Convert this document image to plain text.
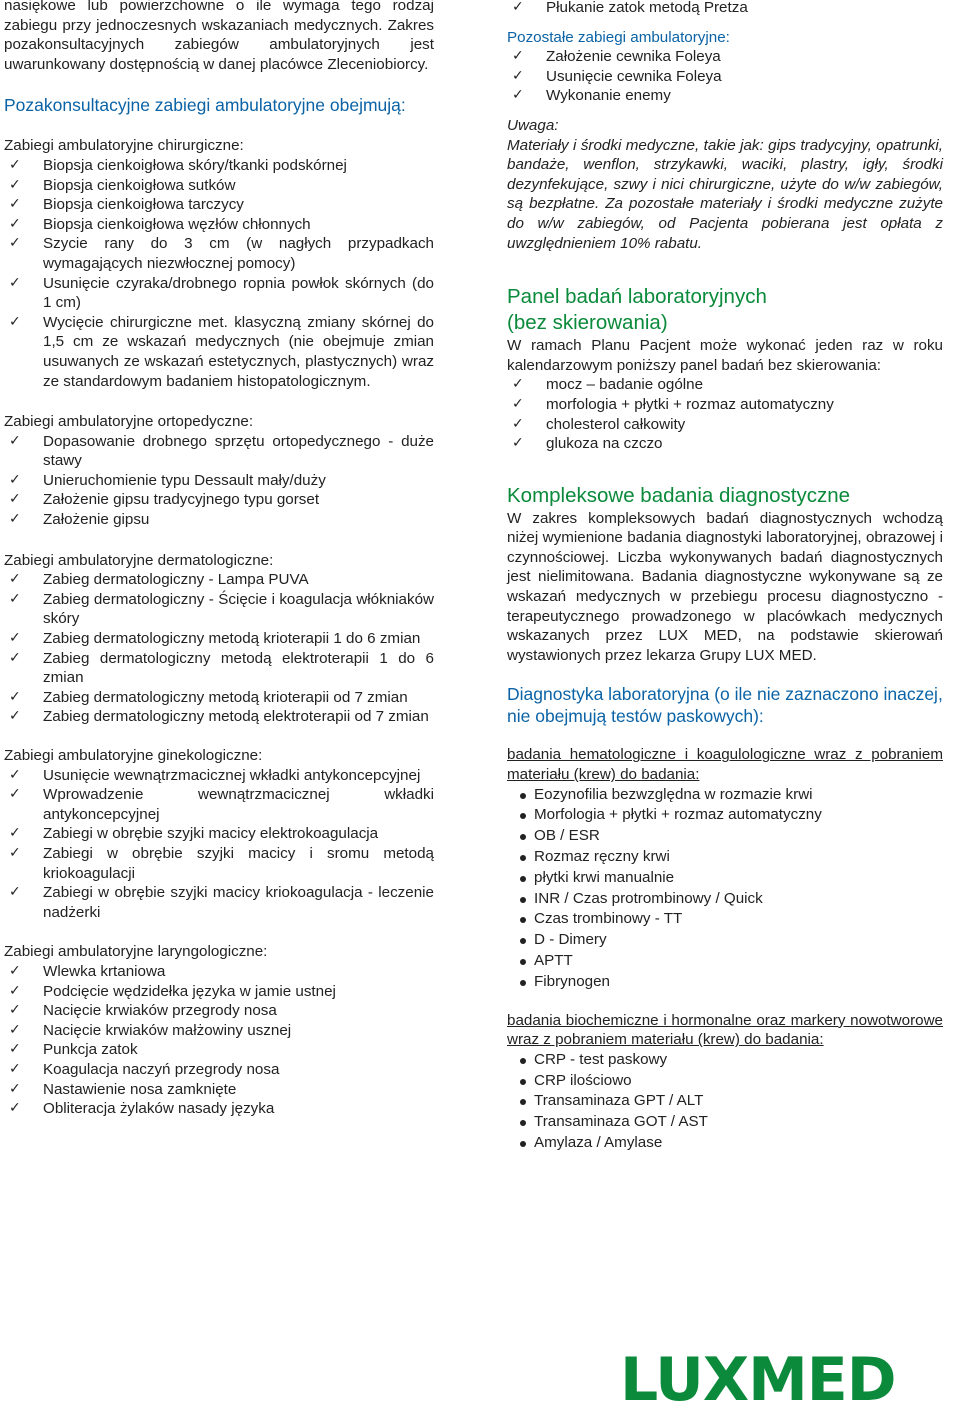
nasiękowe lub powierzchowne o ile wymaga tego rodzaj zabiegu przy jednoczesnych wskazaniach medycznych. Zakres pozakonsultacyjnych zabiegów ambulatoryjnych jest uwarunkowany dostępnością w danej placówce Zleceniobiorcy.

Pozakonsultacyjne zabiegi ambulatoryjne obejmują:

Zabiegi ambulatoryjne chirurgiczne:

✓ Biopsja cienkoigłowa skóry/tkanki podskórnej
✓ Biopsja cienkoigłowa sutków
✓ Biopsja cienkoigłowa tarczycy
✓ Biopsja cienkoigłowa węzłów chłonnych
✓ Szycie rany do 3 cm (w nagłych przypadkach wymagających niezwłocznej pomocy)
✓ Usunięcie czyraka/drobnego ropnia powłok skórnych (do 1 cm)
✓ Wycięcie chirurgiczne met. klasyczną zmiany skórnej do 1,5 cm ze wskazań medycznych (nie obejmuje zmian usuwanych ze wskazań estetycznych, plastycznych) wraz ze standardowym badaniem histopatologicznym.

Zabiegi ambulatoryjne ortopedyczne:

✓ Dopasowanie drobnego sprzętu ortopedycznego - duże stawy
✓ Unieruchomienie typu Dessault mały/duży
✓ Założenie gipsu tradycyjnego typu gorset
✓ Założenie gipsu

Zabiegi ambulatoryjne dermatologiczne:

✓ Zabieg dermatologiczny - Lampa PUVA
✓ Zabieg dermatologiczny - Ścięcie i koagulacja włókniaków skóry
✓ Zabieg dermatologiczny metodą krioterapii 1 do 6 zmian
✓ Zabieg dermatologiczny metodą elektroterapii 1 do 6 zmian
✓ Zabieg dermatologiczny metodą krioterapii od 7 zmian
✓ Zabieg dermatologiczny metodą elektroterapii od 7 zmian

Zabiegi ambulatoryjne ginekologiczne:

✓ Usunięcie wewnątrzmacicznej wkładki antykoncepcyjnej
✓ Wprowadzenie wewnątrzmacicznej wkładki antykoncepcyjnej
✓ Zabiegi w obrębie szyjki macicy elektrokoagulacja
✓ Zabiegi w obrębie szyjki macicy i sromu metodą kriokoagulacji
✓ Zabiegi w obrębie szyjki macicy kriokoagulacja - leczenie nadżerki

Zabiegi ambulatoryjne laryngologiczne:

✓ Wlewka krtaniowa
✓ Podcięcie wędzidełka języka w jamie ustnej
✓ Nacięcie krwiaków przegrody nosa
✓ Nacięcie krwiaków małżowiny usznej
✓ Punkcja zatok
✓ Koagulacja naczyń przegrody nosa
✓ Nastawienie nosa zamknięte
✓ Obliteracja żylaków nasady języka
✓ Płukanie zatok metodą Pretza

Pozostałe zabiegi ambulatoryjne:

✓ Założenie cewnika Foleya
✓ Usunięcie cewnika Foleya
✓ Wykonanie enemy

Uwaga:

Materiały i środki medyczne, takie jak: gips tradycyjny, opatrunki, bandaże, wenflon, strzykawki, waciki, plastry, igły, środki dezynfekujące, szwy i nici chirurgiczne, użyte do w/w zabiegów, są bezpłatne. Za pozostałe materiały i środki medyczne zużyte do w/w zabiegów, od Pacjenta pobierana jest opłata z uwzględnieniem 10% rabatu.

Panel badań laboratoryjnych

(bez skierowania)

W ramach Planu Pacjent może wykonać jeden raz w roku kalendarzowym poniższy panel badań bez skierowania:

✓ mocz – badanie ogólne
✓ morfologia + płytki + rozmaz automatyczny
✓ cholesterol całkowity
✓ glukoza na czczo

Kompleksowe badania diagnostyczne

W zakres kompleksowych badań diagnostycznych wchodzą niżej wymienione badania diagnostyki laboratoryjnej, obrazowej i czynnościowej. Liczba wykonywanych badań diagnostycznych jest nielimitowana. Badania diagnostyczne wykonywane są ze wskazań medycznych w przebiegu procesu diagnostyczno - terapeutycznego prowadzonego w placówkach medycznych wskazanych przez LUX MED, na podstawie skierowań wystawionych przez lekarza Grupy LUX MED.

Diagnostyka laboratoryjna (o ile nie zaznaczono inaczej, nie obejmują testów paskowych):

badania hematologiczne i koagulologiczne wraz z pobraniem materiału (krew) do badania:

Eozynofilia bezwzględna w rozmazie krwi
Morfologia + płytki + rozmaz automatyczny
OB / ESR
Rozmaz ręczny krwi
płytki krwi manualnie
INR / Czas protrombinowy / Quick
Czas trombinowy - TT
D - Dimery
APTT
Fibrynogen

badania biochemiczne i hormonalne oraz markery nowotworowe wraz z pobraniem materiału (krew) do badania:

CRP - test paskowy
CRP ilościowo
Transaminaza GPT / ALT
Transaminaza GOT / AST
Amylaza / Amylase
LUXMED
